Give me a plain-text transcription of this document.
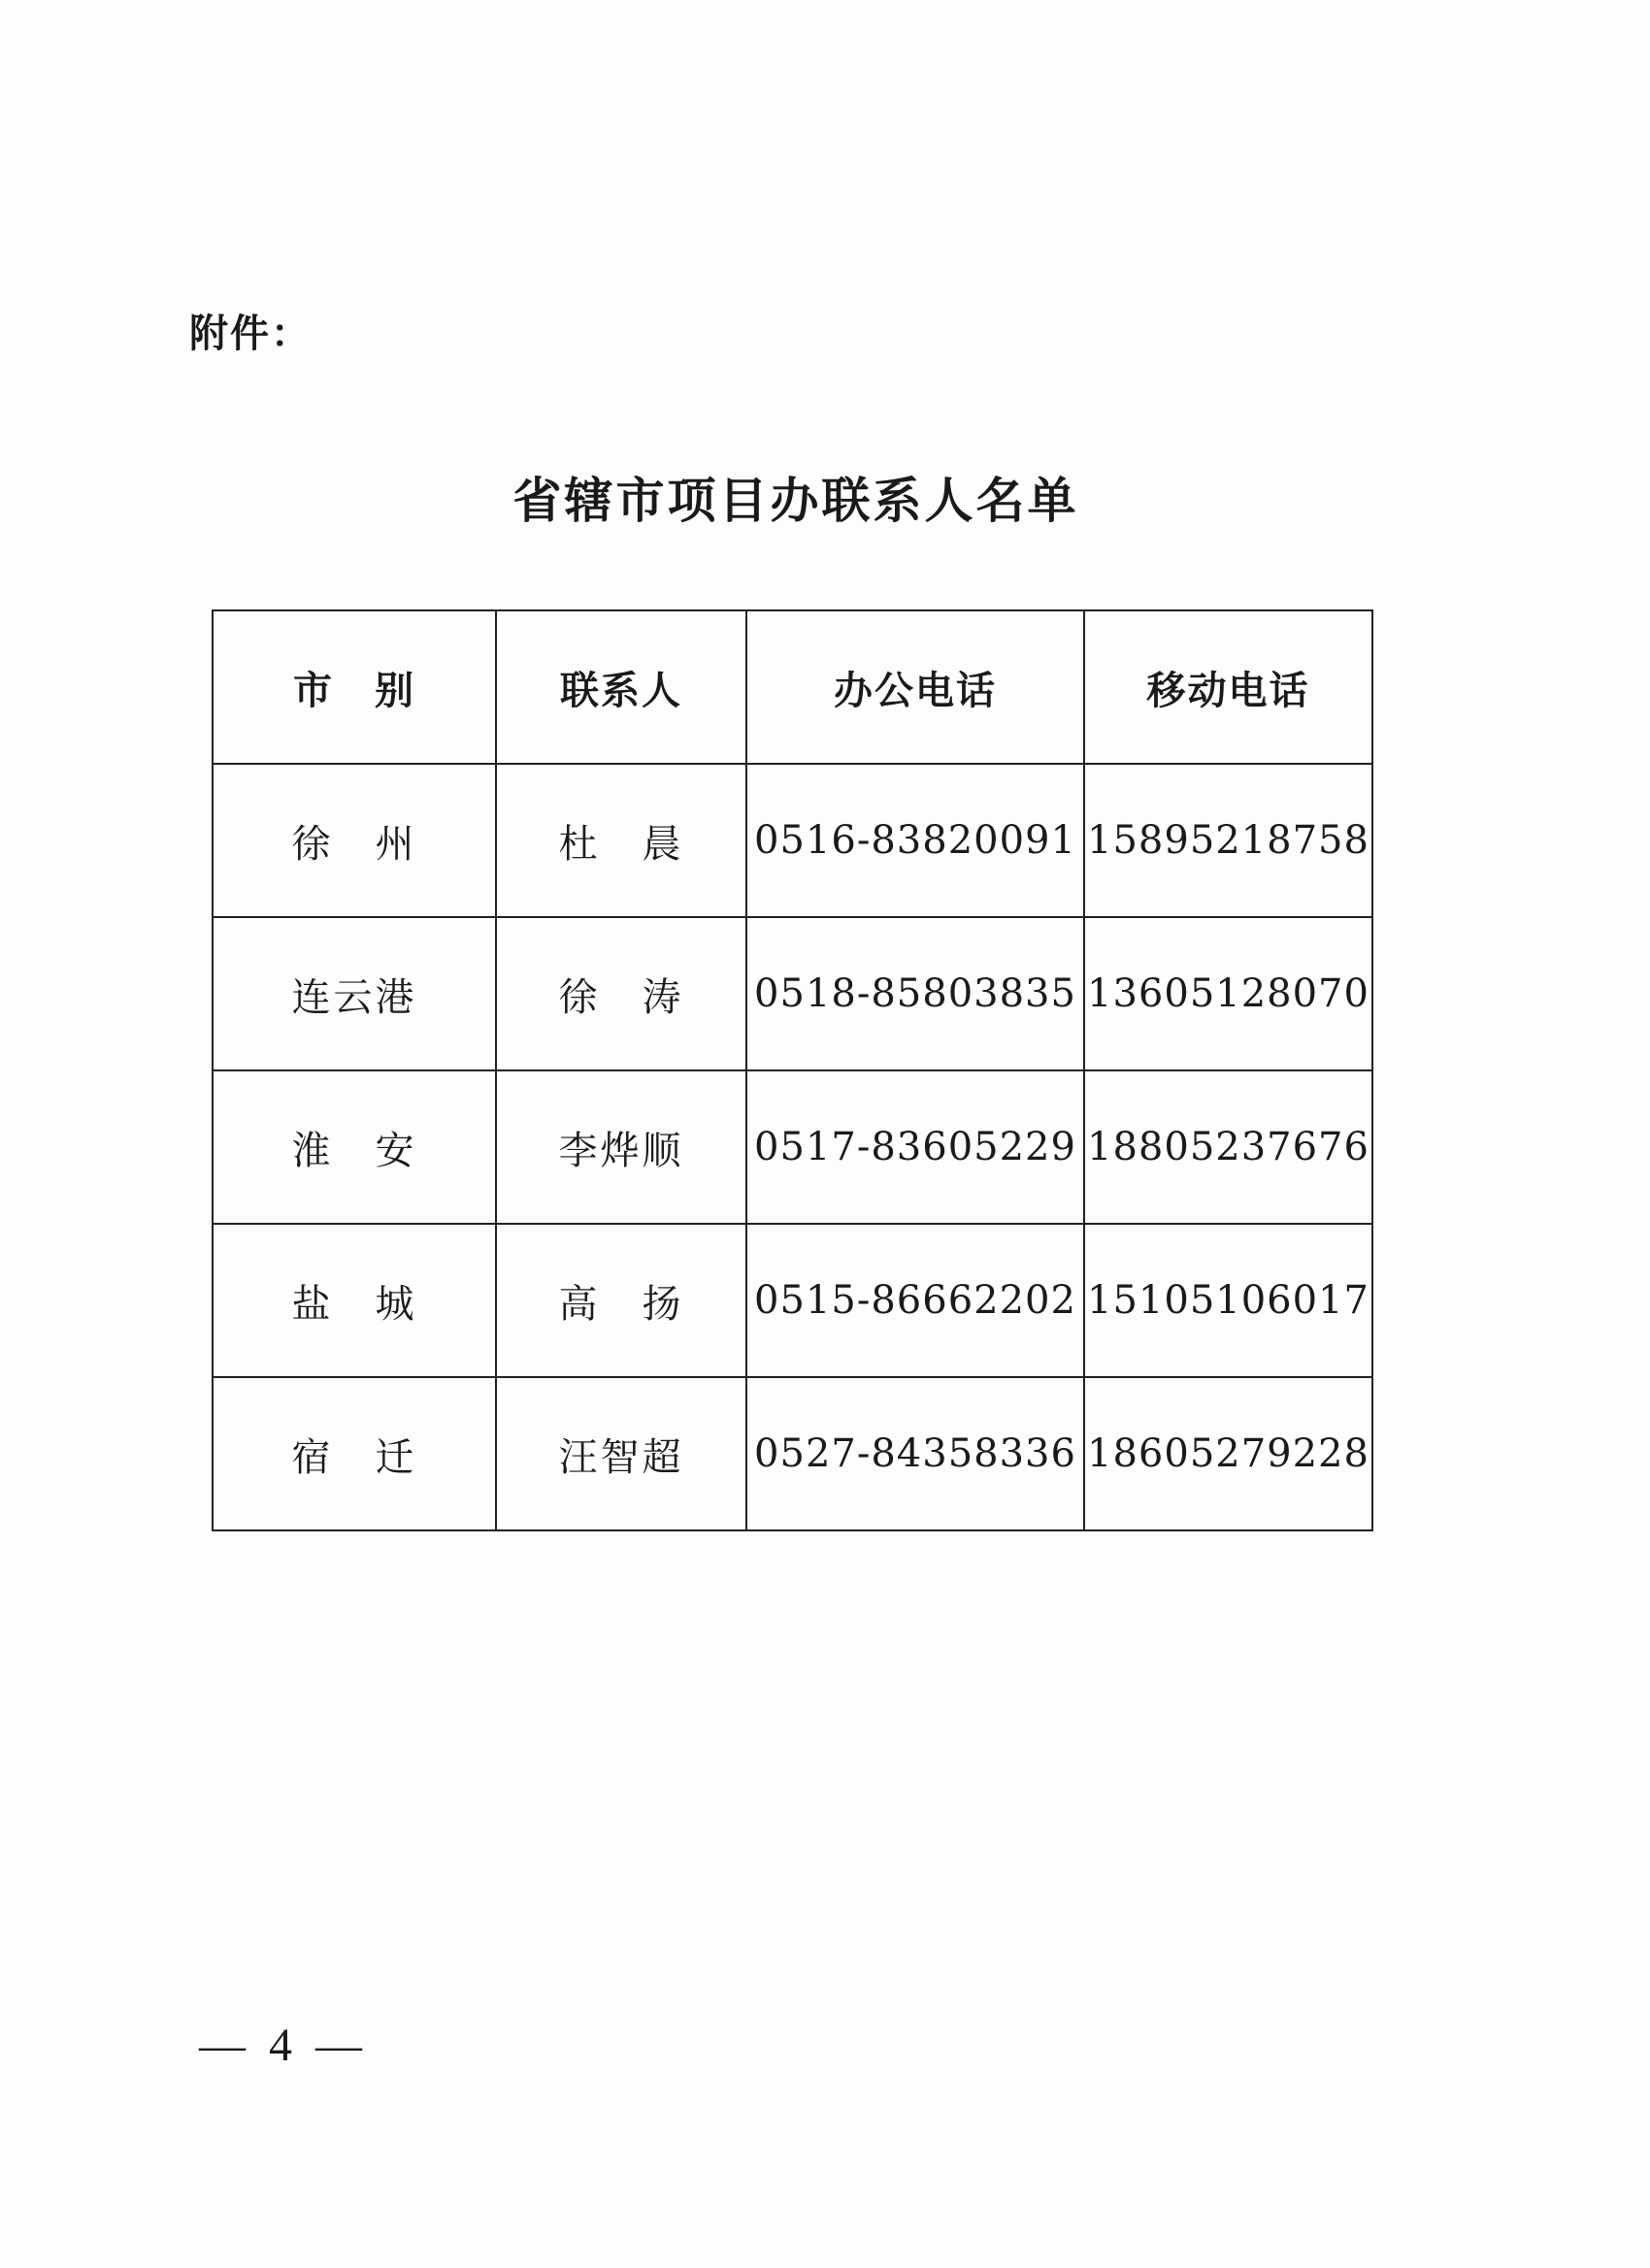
附件：
省辖市项目办联系人名单
市　别	联系人	办公电话	移动电话
徐　州	杜　晨	0516-83820091	15895218758
连云港	徐　涛	0518-85803835	13605128070
淮　安	李烨顺	0517-83605229	18805237676
盐　城	高　扬	0515-86662202	15105106017
宿　迁	汪智超	0527-84358336	18605279228
— 4 —
